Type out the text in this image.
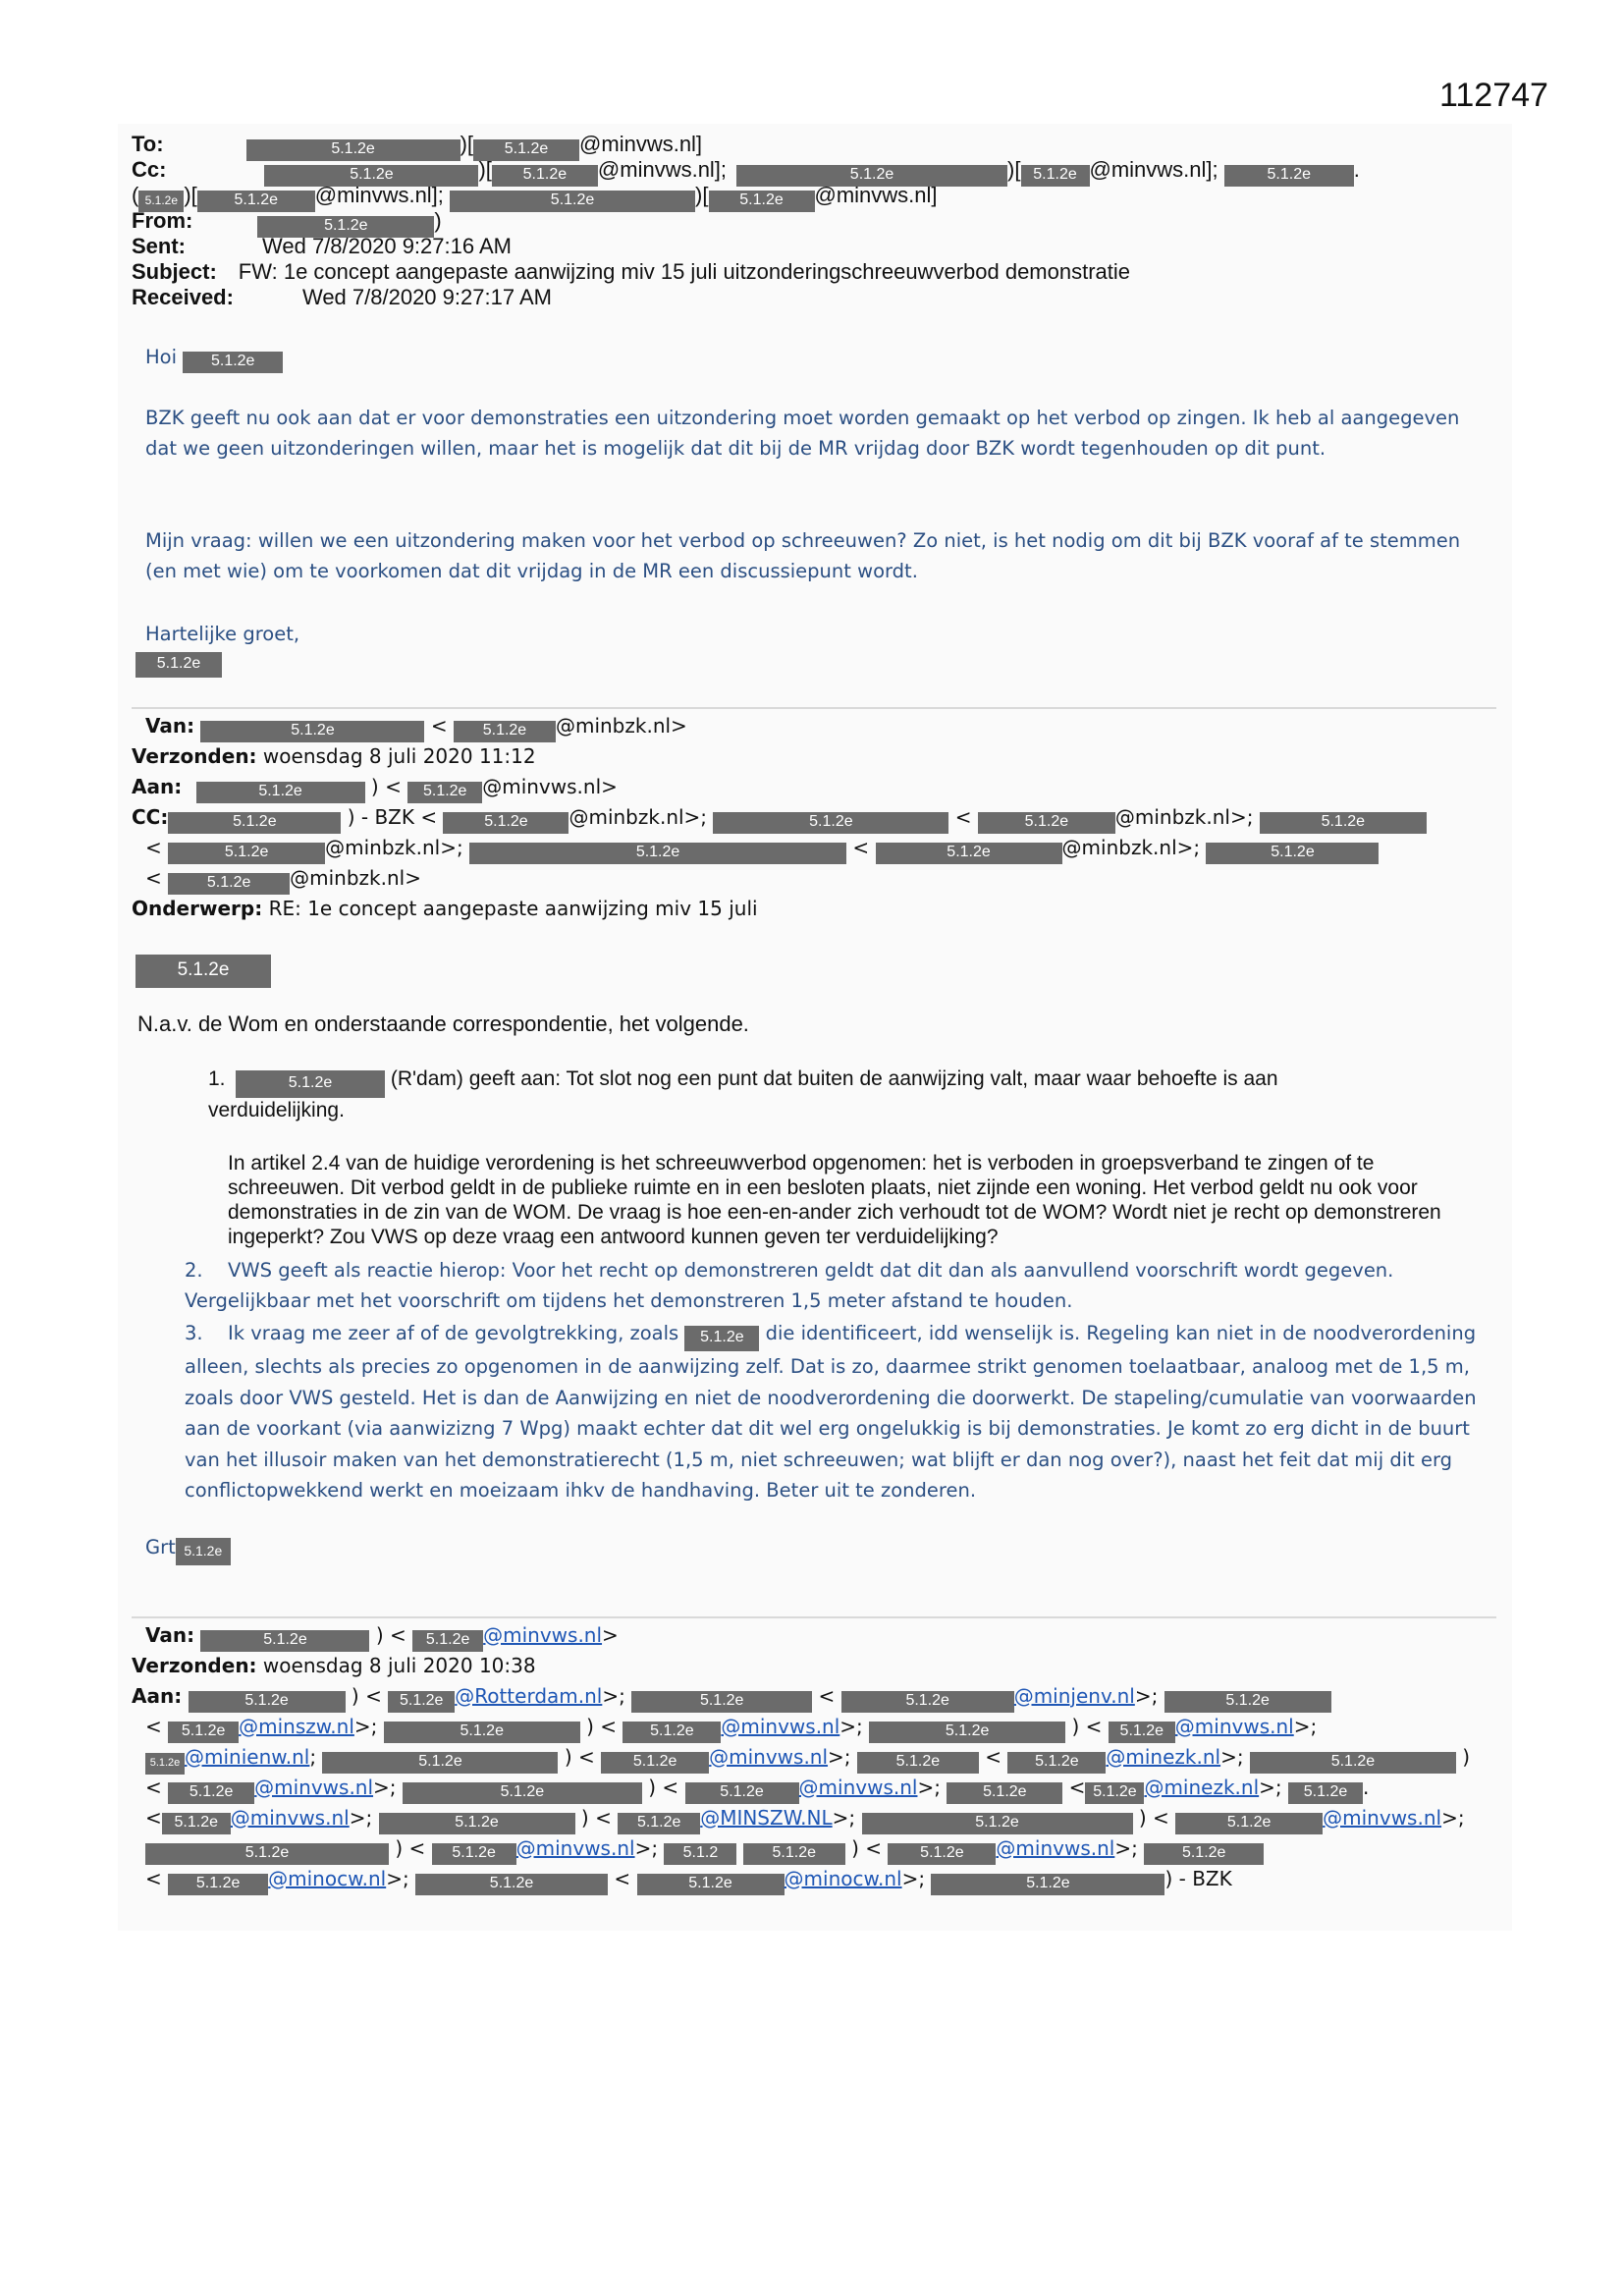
112747
To:	5.1.2e	)[ 5.1.2e @minvws.nl]
Cc:	5.1.2e	)[ 5.1.2e @minvws.nl];	5.1.2e	)[ 5.1.2e @minvws.nl];	5.1.2e .
( 5.1.2e )[ 5.1.2e @minvws.nl];	5.1.2e	)[ 5.1.2e @minvws.nl]
From:	5.1.2e	)
Sent:	Wed 7/8/2020 9:27:16 AM
Subject: FW: 1e concept aangepaste aanwijzing miv 15 juli uitzonderingschreeuwverbod demonstratie
Received:	Wed 7/8/2020 9:27:17 AM
Hoi 5.1.2e

BZK geeft nu ook aan dat er voor demonstraties een uitzondering moet worden gemaakt op het verbod op zingen. Ik heb al aangegeven dat we geen uitzonderingen willen, maar het is mogelijk dat dit bij de MR vrijdag door BZK wordt tegenhouden op dit punt.

Mijn vraag: willen we een uitzondering maken voor het verbod op schreeuwen? Zo niet, is het nodig om dit bij BZK vooraf af te stemmen (en met wie) om te voorkomen dat dit vrijdag in de MR een discussiepunt wordt.

Hartelijke groet,

5.1.2e
Van:	5.1.2e	< 5.1.2e @minbzk.nl>
Verzonden: woensdag 8 juli 2020 11:12
Aan:	5.1.2e	) < 5.1.2e @minvws.nl>
CC:	5.1.2e	) - BZK <	5.1.2e @minbzk.nl>;	5.1.2e	<	5.1.2e @minbzk.nl>;	5.1.2e
<	5.1.2e	@minbzk.nl>;	5.1.2e	<	5.1.2e	@minbzk.nl>;	5.1.2e
< 5.1.2e @minbzk.nl>
Onderwerp: RE: 1e concept aangepaste aanwijzing miv 15 juli
5.1.2e
N.a.v. de Wom en onderstaande correspondentie, het volgende.
1.	5.1.2e	(R'dam) geeft aan: Tot slot nog een punt dat buiten de aanwijzing valt, maar waar behoefte is aan verduidelijking.
In artikel 2.4 van de huidige verordening is het schreeuwverbod opgenomen: het is verboden in groepsverband te zingen of te schreeuwen. Dit verbod geldt in de publieke ruimte en in een besloten plaats, niet zijnde een woning. Het verbod geldt nu ook voor demonstraties in de zin van de WOM. De vraag is hoe een-en-ander zich verhoudt tot de WOM? Wordt niet je recht op demonstreren ingeperkt? Zou VWS op deze vraag een antwoord kunnen geven ter verduidelijking?
2. VWS geeft als reactie hierop: Voor het recht op demonstreren geldt dat dit dan als aanvullend voorschrift wordt gegeven. Vergelijkbaar met het voorschrift om tijdens het demonstreren 1,5 meter afstand te houden.
3. Ik vraag me zeer af of de gevolgtrekking, zoals 5.1.2e die identificeert, idd wenselijk is. Regeling kan niet in de noodverordening alleen, slechts als precies zo opgenomen in de aanwijzing zelf. Dat is zo, daarmee strikt genomen toelaatbaar, analoog met de 1,5 m, zoals door VWS gesteld. Het is dan de Aanwijzing en niet de noodverordening die doorwerkt. De stapeling/cumulatie van voorwaarden aan de voorkant (via aanwizizng 7 Wpg) maakt echter dat dit wel erg ongelukkig is bij demonstraties. Je komt zo erg dicht in de buurt van het illusoir maken van het demonstratierecht (1,5 m, niet schreeuwen; wat blijft er dan nog over?), naast het feit dat mij dit erg conflictopwekkend werkt en moeizaam ihkv de handhaving. Beter uit te zonderen.
Grt 5.1.2e
Van:	5.1.2e	) < 5.1.2e @minvws.nl>
Verzonden: woensdag 8 juli 2020 10:38
Aan:	5.1.2e	) < 5.1.2e @Rotterdam.nl>;	5.1.2e	<	5.1.2e	@minjenv.nl>;	5.1.2e
< 5.1.2e @minszw.nl>;	5.1.2e	) < 5.1.2e @minvws.nl>;	5.1.2e	) < 5.1.2e @minvws.nl>;
5.1.2e @minienw.nl;	5.1.2e	) < 5.1.2e @minvws.nl>; 5.1.2e < 5.1.2e @minezk.nl>;	5.1.2e	)
< 5.1.2e @minvws.nl>;	5.1.2e	) < 5.1.2e @minvws.nl>; 5.1.2e < 5.1.2e @minezk.nl>; 5.1.2e .
< 5.1.2e @minvws.nl>;	5.1.2e	) < 5.1.2e @MINSZW.NL>;	5.1.2e	) <	5.1.2e	@minvws.nl>;
5.1.2e	) < 5.1.2e @minvws.nl>; 5.1.2	5.1.2e ) < 5.1.2e @minvws.nl>; 5.1.2e
< 5.1.2e @minocw.nl>;	5.1.2e	<	5.1.2e	@minocw.nl>;	5.1.2e	) - BZK
